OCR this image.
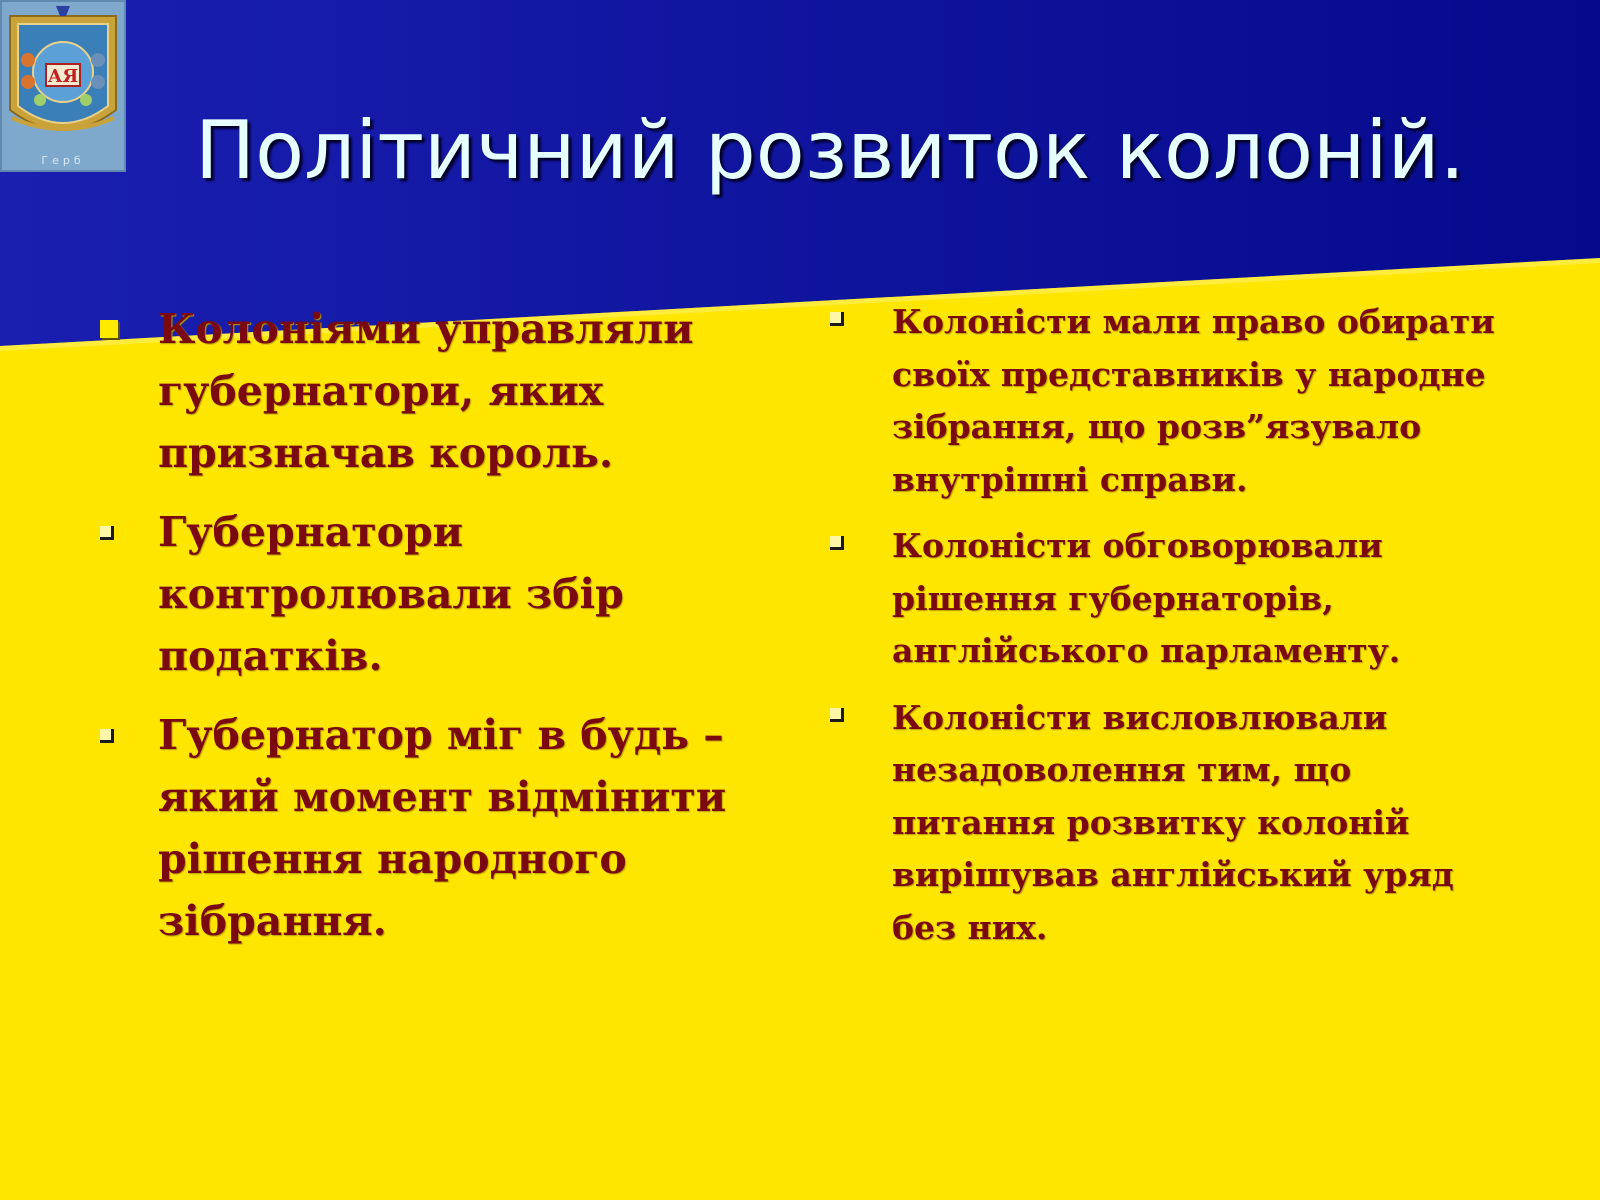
АЯ
Герб	Політичний розвиток колоній.
Колоніями управляли губернатори, яких призначав король.
Губернатори контролювали збір податків.
Губернатор міг в будь – який момент відмінити рішення народного зібрання.
Колоністи мали право обирати своїх представників у народне зібрання, що розв”язувало внутрішні справи.
Колоністи обговорювали рішення губернаторів, англійського парламенту.
Колоністи висловлювали незадоволення тим, що питання розвитку колоній вирішував англійський уряд без них.
